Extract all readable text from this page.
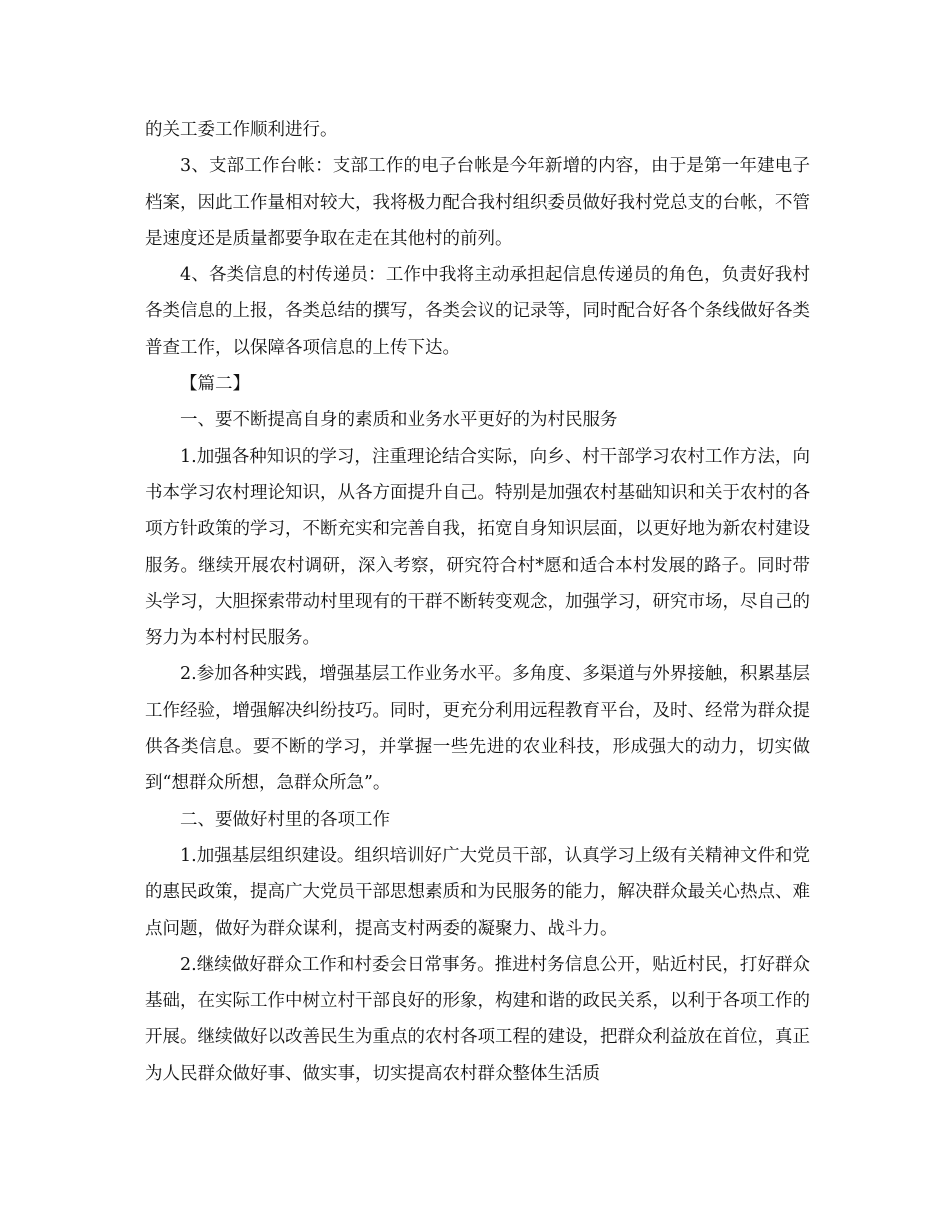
的关工委工作顺利进行。

3、支部工作台帐：支部工作的电子台帐是今年新增的内容，由于是第一年建电子档案，因此工作量相对较大，我将极力配合我村组织委员做好我村党总支的台帐，不管是速度还是质量都要争取在走在其他村的前列。

4、各类信息的村传递员：工作中我将主动承担起信息传递员的角色，负责好我村各类信息的上报，各类总结的撰写，各类会议的记录等，同时配合好各个条线做好各类普查工作，以保障各项信息的上传下达。

【篇二】

一、要不断提高自身的素质和业务水平更好的为村民服务

1.加强各种知识的学习，注重理论结合实际，向乡、村干部学习农村工作方法，向书本学习农村理论知识，从各方面提升自己。特别是加强农村基础知识和关于农村的各项方针政策的学习，不断充实和完善自我，拓宽自身知识层面，以更好地为新农村建设服务。继续开展农村调研，深入考察，研究符合村*愿和适合本村发展的路子。同时带头学习，大胆探索带动村里现有的干群不断转变观念，加强学习，研究市场，尽自己的努力为本村村民服务。

2.参加各种实践，增强基层工作业务水平。多角度、多渠道与外界接触，积累基层工作经验，增强解决纠纷技巧。同时，更充分利用远程教育平台，及时、经常为群众提供各类信息。要不断的学习，并掌握一些先进的农业科技，形成强大的动力，切实做到“想群众所想，急群众所急”。

二、要做好村里的各项工作

1.加强基层组织建设。组织培训好广大党员干部，认真学习上级有关精神文件和党的惠民政策，提高广大党员干部思想素质和为民服务的能力，解决群众最关心热点、难点问题，做好为群众谋利，提高支村两委的凝聚力、战斗力。

2.继续做好群众工作和村委会日常事务。推进村务信息公开，贴近村民，打好群众基础，在实际工作中树立村干部良好的形象，构建和谐的政民关系，以利于各项工作的开展。继续做好以改善民生为重点的农村各项工程的建设，把群众利益放在首位，真正为人民群众做好事、做实事，切实提高农村群众整体生活质
